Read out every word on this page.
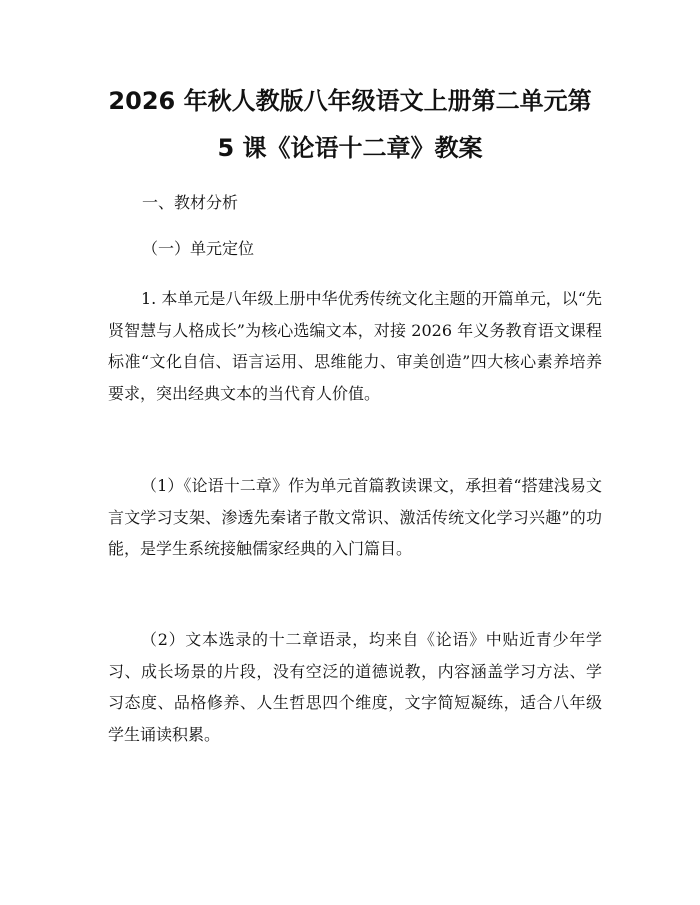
2026 年秋人教版八年级语文上册第二单元第
5 课《论语十二章》教案

一、教材分析

（一）单元定位

1. 本单元是八年级上册中华优秀传统文化主题的开篇单元，以“先贤智慧与人格成长”为核心选编文本，对接 2026 年义务教育语文课程标准“文化自信、语言运用、思维能力、审美创造”四大核心素养培养要求，突出经典文本的当代育人价值。

（1）《论语十二章》作为单元首篇教读课文，承担着“搭建浅易文言文学习支架、渗透先秦诸子散文常识、激活传统文化学习兴趣”的功能，是学生系统接触儒家经典的入门篇目。

（2）文本选录的十二章语录，均来自《论语》中贴近青少年学习、成长场景的片段，没有空泛的道德说教，内容涵盖学习方法、学习态度、品格修养、人生哲思四个维度，文字简短凝练，适合八年级学生诵读积累。
